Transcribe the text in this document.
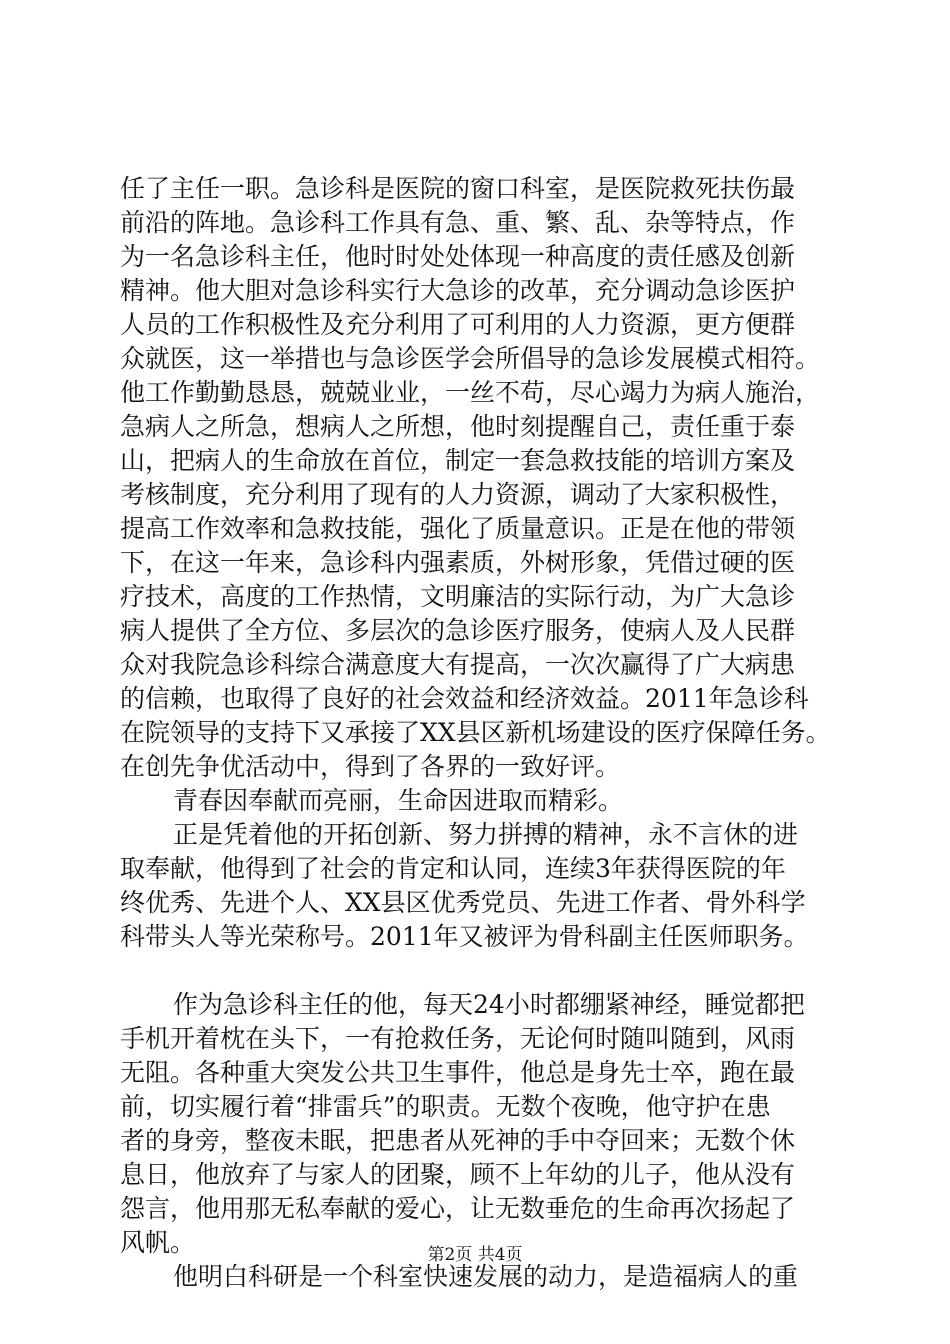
任了主任一职。急诊科是医院的窗口科室，是医院救死扶伤最
前沿的阵地。急诊科工作具有急、重、繁、乱、杂等特点，作
为一名急诊科主任，他时时处处体现一种高度的责任感及创新
精神。他大胆对急诊科实行大急诊的改革，充分调动急诊医护
人员的工作积极性及充分利用了可利用的人力资源，更方便群
众就医，这一举措也与急诊医学会所倡导的急诊发展模式相符。
他工作勤勤恳恳，兢兢业业，一丝不苟，尽心竭力为病人施治，
急病人之所急，想病人之所想，他时刻提醒自己，责任重于泰
山，把病人的生命放在首位，制定一套急救技能的培训方案及
考核制度，充分利用了现有的人力资源，调动了大家积极性，
提高工作效率和急救技能，强化了质量意识。正是在他的带领
下，在这一年来，急诊科内强素质，外树形象，凭借过硬的医
疗技术，高度的工作热情，文明廉洁的实际行动，为广大急诊
病人提供了全方位、多层次的急诊医疗服务，使病人及人民群
众对我院急诊科综合满意度大有提高，一次次赢得了广大病患
的信赖，也取得了良好的社会效益和经济效益。2011年急诊科
在院领导的支持下又承接了XX县区新机场建设的医疗保障任务。
在创先争优活动中，得到了各界的一致好评。
青春因奉献而亮丽，生命因进取而精彩。
正是凭着他的开拓创新、努力拼搏的精神，永不言休的进
取奉献，他得到了社会的肯定和认同，连续3年获得医院的年
终优秀、先进个人、XX县区优秀党员、先进工作者、骨外科学
科带头人等光荣称号。2011年又被评为骨科副主任医师职务。
作为急诊科主任的他，每天24小时都绷紧神经，睡觉都把
手机开着枕在头下，一有抢救任务，无论何时随叫随到，风雨
无阻。各种重大突发公共卫生事件，他总是身先士卒，跑在最
前，切实履行着“排雷兵”的职责。无数个夜晚，他守护在患
者的身旁，整夜未眠，把患者从死神的手中夺回来；无数个休
息日，他放弃了与家人的团聚，顾不上年幼的儿子，他从没有
怨言，他用那无私奉献的爱心，让无数垂危的生命再次扬起了
风帆。
他明白科研是一个科室快速发展的动力，是造福病人的重
第2页 共4页
